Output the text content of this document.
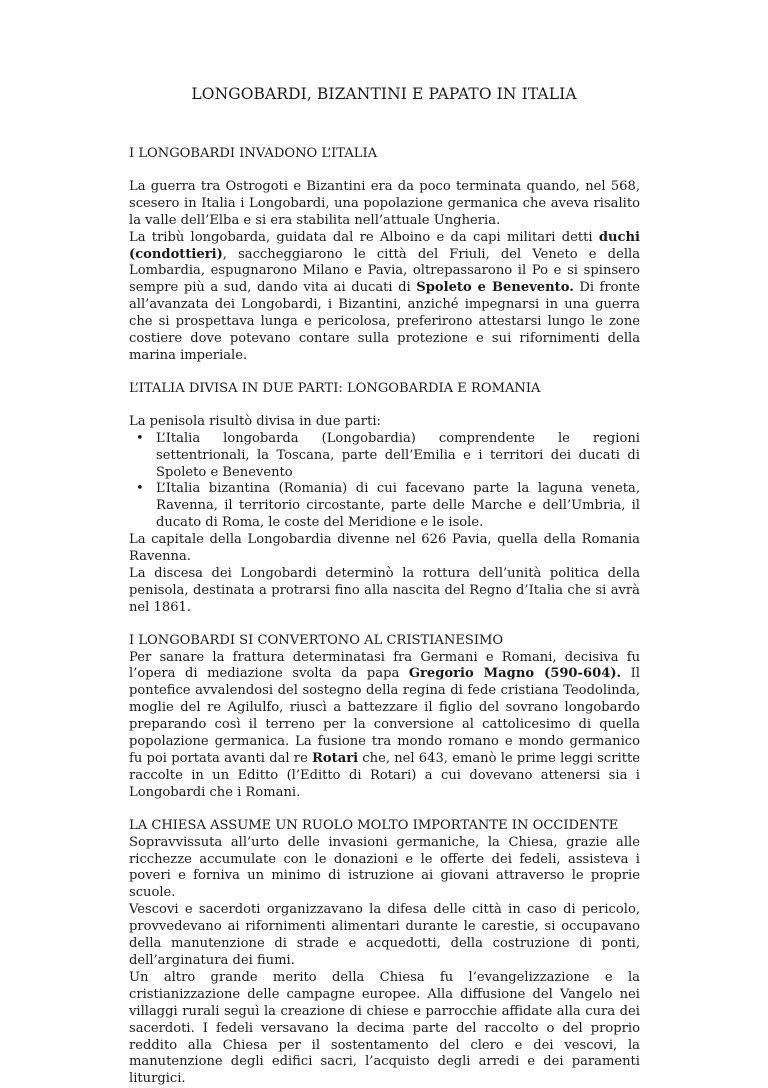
LONGOBARDI, BIZANTINI E PAPATO IN ITALIA

I LONGOBARDI INVADONO L’ITALIA

La guerra tra Ostrogoti e Bizantini era da poco terminata quando, nel 568, scesero in Italia i Longobardi, una popolazione germanica che aveva risalito la valle dell’Elba e si era stabilita nell’attuale Ungheria.

La tribù longobarda, guidata dal re Alboino e da capi militari detti duchi (condottieri), saccheggiarono le città del Friuli, del Veneto e della Lombardia, espugnarono Milano e Pavia, oltrepassarono il Po e si spinsero sempre più a sud, dando vita ai ducati di Spoleto e Benevento. Di fronte all’avanzata dei Longobardi, i Bizantini, anziché impegnarsi in una guerra che si prospettava lunga e pericolosa, preferirono attestarsi lungo le zone costiere dove potevano contare sulla protezione e sui rifornimenti della marina imperiale.

L’ITALIA DIVISA IN DUE PARTI: LONGOBARDIA E ROMANIA

La penisola risultò divisa in due parti:

• L’Italia longobarda (Longobardia) comprendente le regioni settentrionali, la Toscana, parte dell’Emilia e i territori dei ducati di Spoleto e Benevento
• L’Italia bizantina (Romania) di cui facevano parte la laguna veneta, Ravenna, il territorio circostante, parte delle Marche e dell’Umbria, il ducato di Roma, le coste del Meridione e le isole.

La capitale della Longobardia divenne nel 626 Pavia, quella della Romania Ravenna.

La discesa dei Longobardi determinò la rottura dell’unità politica della penisola, destinata a protrarsi fino alla nascita del Regno d’Italia che si avrà nel 1861.

I LONGOBARDI SI CONVERTONO AL CRISTIANESIMO

Per sanare la frattura determinatasi fra Germani e Romani, decisiva fu l’opera di mediazione svolta da papa Gregorio Magno (590-604). Il pontefice avvalendosi del sostegno della regina di fede cristiana Teodolinda, moglie del re Agilulfo, riuscì a battezzare il figlio del sovrano longobardo preparando così il terreno per la conversione al cattolicesimo di quella popolazione germanica. La fusione tra mondo romano e mondo germanico fu poi portata avanti dal re Rotari che, nel 643, emanò le prime leggi scritte raccolte in un Editto (l’Editto di Rotari) a cui dovevano attenersi sia i Longobardi che i Romani.

LA CHIESA ASSUME UN RUOLO MOLTO IMPORTANTE IN OCCIDENTE

Sopravvissuta all’urto delle invasioni germaniche, la Chiesa, grazie alle ricchezze accumulate con le donazioni e le offerte dei fedeli, assisteva i poveri e forniva un minimo di istruzione ai giovani attraverso le proprie scuole.

Vescovi e sacerdoti organizzavano la difesa delle città in caso di pericolo, provvedevano ai rifornimenti alimentari durante le carestie, si occupavano della manutenzione di strade e acquedotti, della costruzione di ponti, dell’arginatura dei fiumi.

Un altro grande merito della Chiesa fu l’evangelizzazione e la cristianizzazione delle campagne europee. Alla diffusione del Vangelo nei villaggi rurali seguì la creazione di chiese e parrocchie affidate alla cura dei sacerdoti. I fedeli versavano la decima parte del raccolto o del proprio reddito alla Chiesa per il sostentamento del clero e dei vescovi, la manutenzione degli edifici sacri, l’acquisto degli arredi e dei paramenti liturgici.
